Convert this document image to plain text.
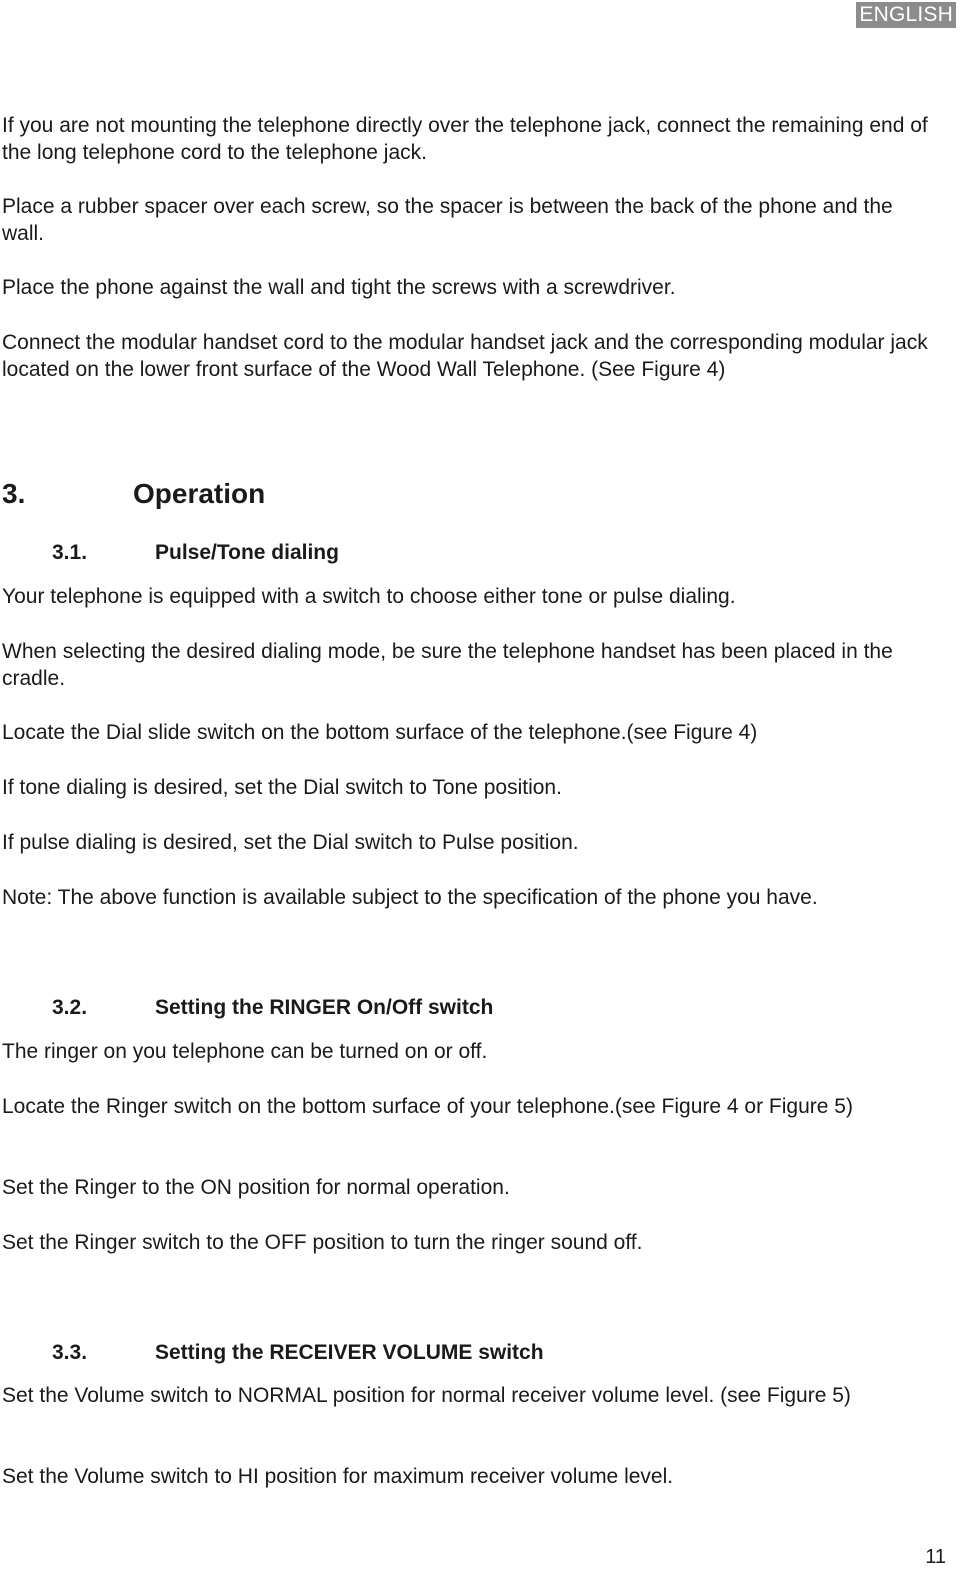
ENGLISH

If you are not mounting the telephone directly over the telephone jack, connect the remaining end of the long telephone cord to the telephone jack.

Place a rubber spacer over each screw, so the spacer is between the back of the phone and the wall.

Place the phone against the wall and tight the screws with a screwdriver.

Connect the modular handset cord to the modular handset jack and the corresponding modular jack located on the lower front surface of the Wood Wall Telephone. (See Figure 4)

3.	Operation
3.1.	Pulse/Tone dialing

Your telephone is equipped with a switch to choose either tone or pulse dialing.

When selecting the desired dialing mode, be sure the telephone handset has been placed in the cradle.

Locate the Dial slide switch on the bottom surface of the telephone.(see Figure 4)

If tone dialing is desired, set the Dial switch to Tone position.

If pulse dialing is desired, set the Dial switch to Pulse position.

Note: The above function is available subject to the specification of the phone you have.

3.2.	Setting the RINGER On/Off switch

The ringer on you telephone can be turned on or off.

Locate the Ringer switch on the bottom surface of your telephone.(see Figure 4 or Figure 5)

Set the Ringer to the ON position for normal operation.

Set the Ringer switch to the OFF position to turn the ringer sound off.

3.3.	Setting the RECEIVER VOLUME switch

Set the Volume switch to NORMAL position for normal receiver volume level. (see Figure 5)

Set the Volume switch to HI position for maximum receiver volume level.

11
